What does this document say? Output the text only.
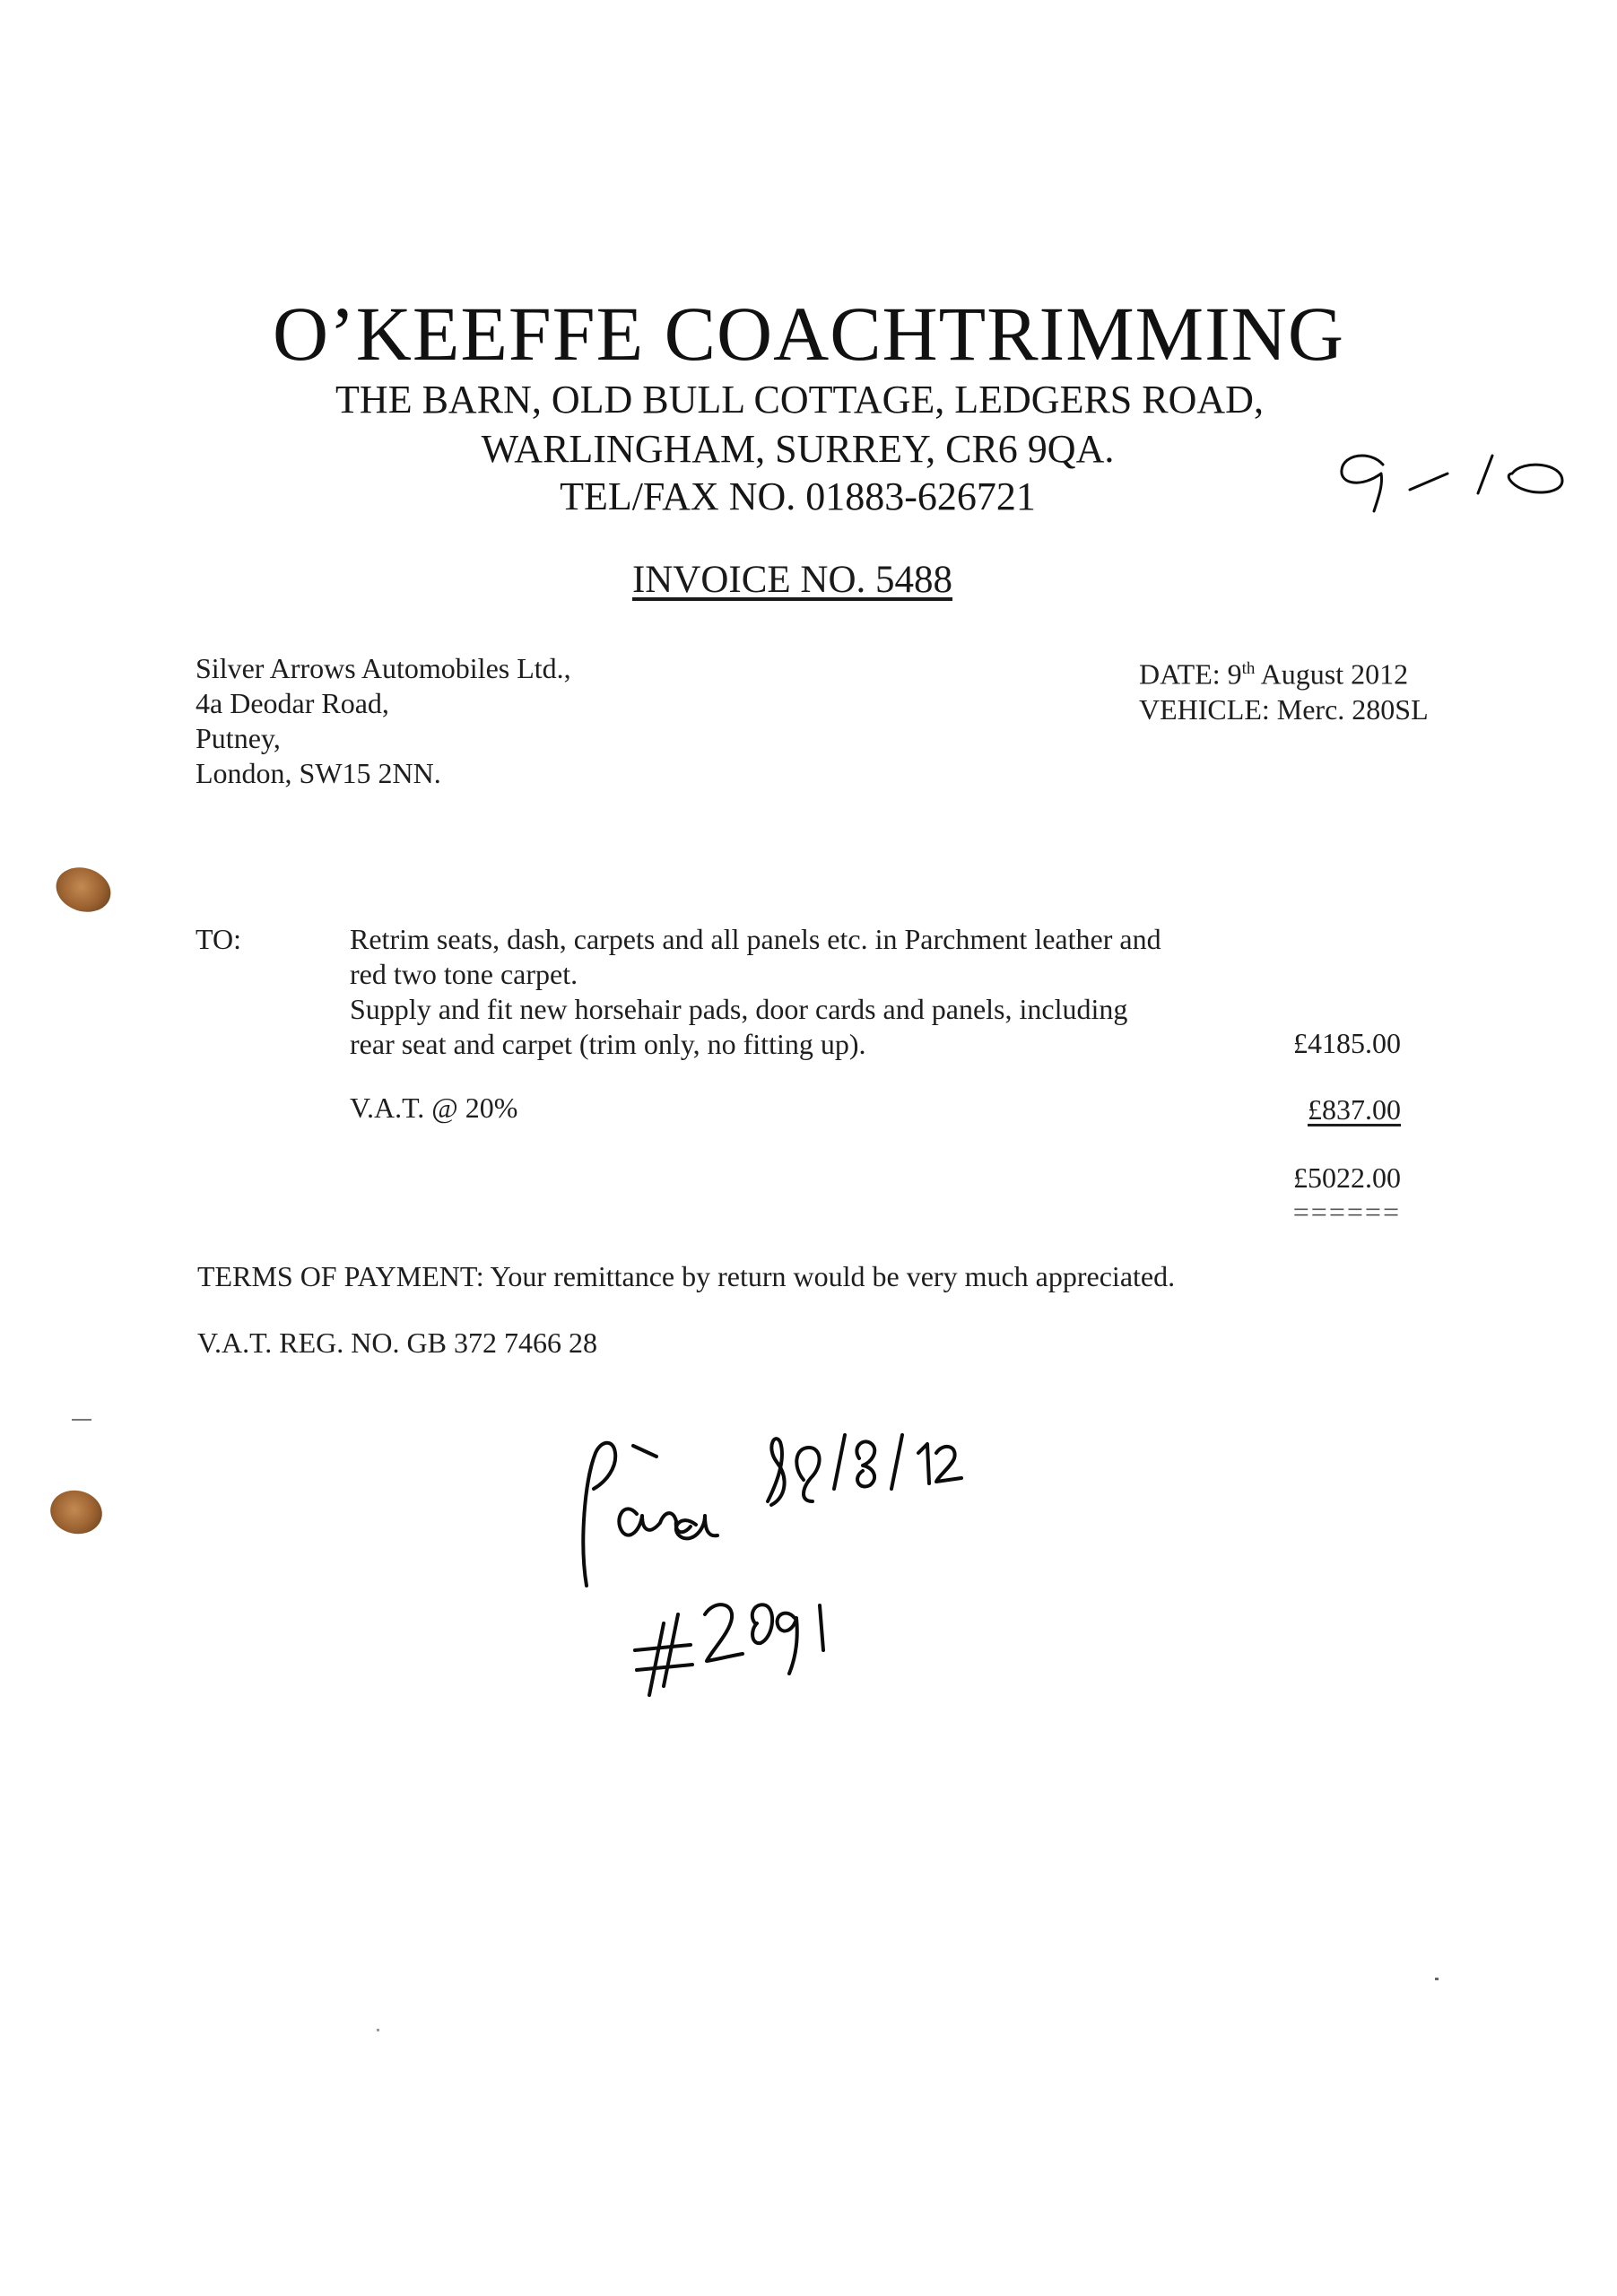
O’KEEFFE COACHTRIMMING
THE BARN, OLD BULL COTTAGE, LEDGERS ROAD,
WARLINGHAM, SURREY, CR6 9QA.
TEL/FAX NO. 01883-626721
INVOICE NO. 5488
Silver Arrows Automobiles Ltd.,
4a Deodar Road,
Putney,
London, SW15 2NN.
DATE: 9th August 2012
VEHICLE: Merc. 280SL
TO:	Retrim seats, dash, carpets and all panels etc. in Parchment leather and
red two tone carpet.
Supply and fit new horsehair pads, door cards and panels, including
rear seat and carpet (trim only, no fitting up).	£4185.00
V.A.T. @ 20%	£837.00
£5022.00
======
TERMS OF PAYMENT: Your remittance by return would be very much appreciated.
V.A.T. REG. NO. GB 372 7466 28
